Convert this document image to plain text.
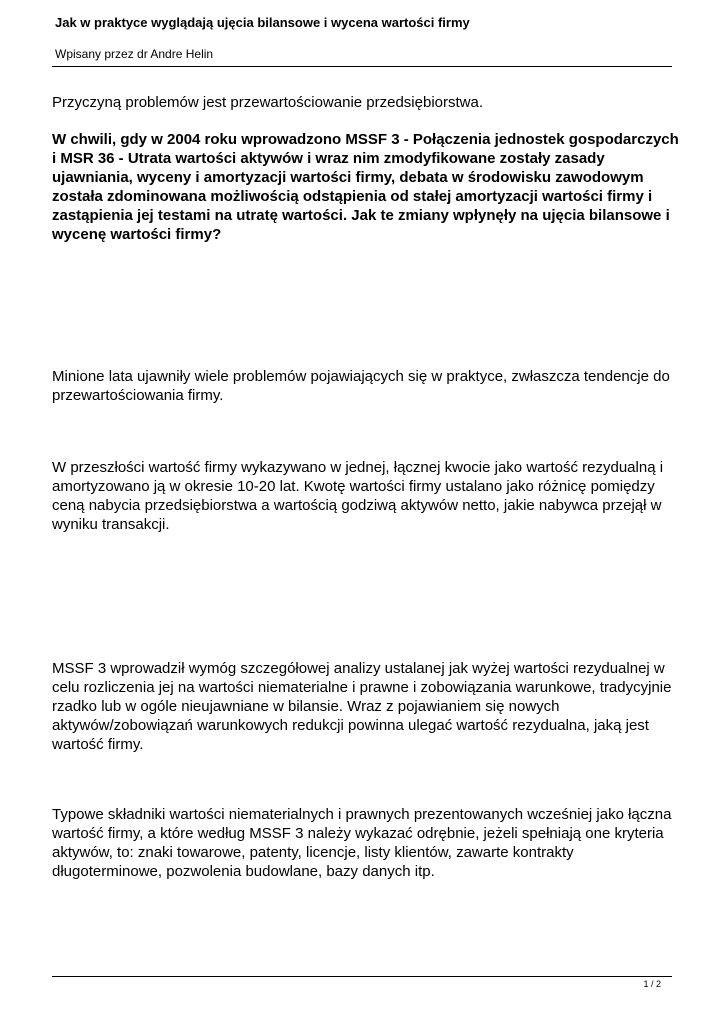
Jak w praktyce wyglądają ujęcia bilansowe i wycena wartości firmy

Wpisany przez dr Andre Helin

Przyczyną problemów jest przewartościowanie przedsiębiorstwa.

W chwili, gdy w 2004 roku wprowadzono MSSF 3 - Połączenia jednostek gospodarczych i MSR 36 - Utrata wartości aktywów i wraz nim zmodyfikowane zostały zasady ujawniania, wyceny i amortyzacji wartości firmy, debata w środowisku zawodowym została zdominowana możliwością odstąpienia od stałej amortyzacji wartości firmy i zastąpienia jej testami na utratę wartości. Jak te zmiany wpłynęły na ujęcia bilansowe i wycenę wartości firmy?

Minione lata ujawniły wiele problemów pojawiających się w praktyce, zwłaszcza tendencje do przewartościowania firmy.

W przeszłości wartość firmy wykazywano w jednej, łącznej kwocie jako wartość rezydualną i amortyzowano ją w okresie 10-20 lat. Kwotę wartości firmy ustalano jako różnicę pomiędzy ceną nabycia przedsiębiorstwa a wartością godziwą aktywów netto, jakie nabywca przejął w wyniku transakcji.

MSSF 3 wprowadził wymóg szczegółowej analizy ustalanej jak wyżej wartości rezydualnej w celu rozliczenia jej na wartości niematerialne i prawne i zobowiązania warunkowe, tradycyjnie rzadko lub w ogóle nieujawniane w bilansie. Wraz z pojawianiem się nowych aktywów/zobowiązań warunkowych redukcji powinna ulegać wartość rezydualna, jaką jest wartość firmy.

Typowe składniki wartości niematerialnych i prawnych prezentowanych wcześniej jako łączna wartość firmy, a które według MSSF 3 należy wykazać odrębnie, jeżeli spełniają one kryteria aktywów, to: znaki towarowe, patenty, licencje, listy klientów, zawarte kontrakty długoterminowe, pozwolenia budowlane, bazy danych itp.

1 / 2
